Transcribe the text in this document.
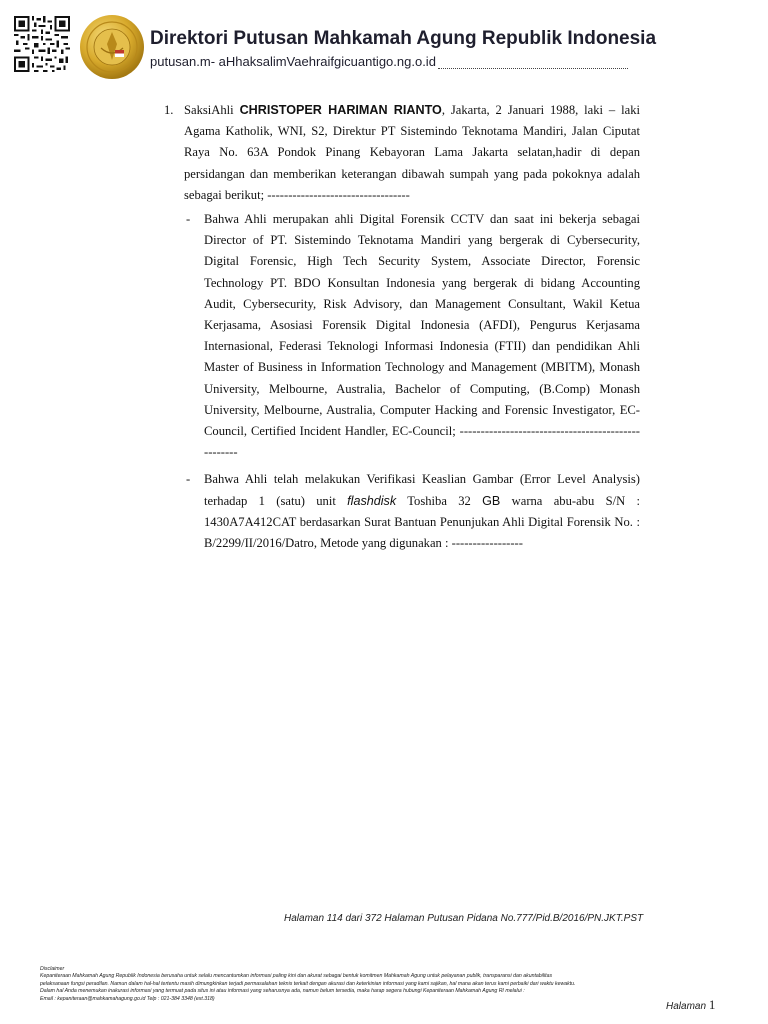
Direktori Putusan Mahkamah Agung Republik Indonesia
putusan.m- aHhaksalimVaehraifgicuantigo.ng.o.id
1. SaksiAhli CHRISTOPER HARIMAN RIANTO, Jakarta, 2 Januari 1988, laki – laki Agama Katholik, WNI, S2, Direktur PT Sistemindo Teknotama Mandiri, Jalan Ciputat Raya No. 63A Pondok Pinang Kebayoran Lama Jakarta selatan,hadir di depan persidangan dan memberikan keterangan dibawah sumpah yang pada pokoknya adalah sebagai berikut; ----------------------------------
-	Bahwa Ahli merupakan ahli Digital Forensik CCTV dan saat ini bekerja sebagai Director of PT. Sistemindo Teknotama Mandiri yang bergerak di Cybersecurity, Digital Forensic, High Tech Security System, Associate Director, Forensic Technology PT. BDO Konsultan Indonesia yang bergerak di bidang Accounting Audit, Cybersecurity, Risk Advisory, dan Management Consultant, Wakil Ketua Kerjasama, Asosiasi Forensik Digital Indonesia (AFDI), Pengurus Kerjasama Internasional, Federasi Teknologi Informasi Indonesia (FTII) dan pendidikan Ahli Master of Business in Information Technology and Management (MBITM), Monash University, Melbourne, Australia, Bachelor of Computing, (B.Comp) Monash University, Melbourne, Australia, Computer Hacking and Forensic Investigator, EC-Council, Certified Incident Handler, EC-Council; ---------------------------------------------------
-	Bahwa Ahli telah melakukan Verifikasi Keaslian Gambar (Error Level Analysis) terhadap 1 (satu) unit flashdisk Toshiba 32 GB warna abu-abu S/N : 1430A7A412CAT berdasarkan Surat Bantuan Penunjukan Ahli Digital Forensik No. : B/2299/II/2016/Datro, Metode yang digunakan : -----------------
Halaman 114 dari 372 Halaman Putusan Pidana No.777/Pid.B/2016/PN.JKT.PST
Disclaimer
Kepaniteraan Mahkamah Agung Republik Indonesia berusaha untuk selalu mencantumkan informasi paling kini dan akurat sebagai bentuk komitmen Mahkamah Agung untuk pelayanan publik, transparansi dan akuntabilitas
pelaksanaan fungsi peradilan. Namun dalam hal-hal tertentu masih dimungkinkan terjadi permasalahan teknis terkait dengan akurasi dan keterkinian informasi yang kami sajikan, hal mana akan terus kami perbaiki dari waktu kewaktu.
Dalam hal Anda menemukan inakurasi informasi yang termuat pada situs ini atau informasi yang seharusnya ada, namun belum tersedia, maka harap segera hubungi Kepaniteraan Mahkamah Agung RI melalui :
Email : kepaniteraan@mahkamahagung.go.id Telp : 021-384 3348 (ext.318)
Halaman 1
